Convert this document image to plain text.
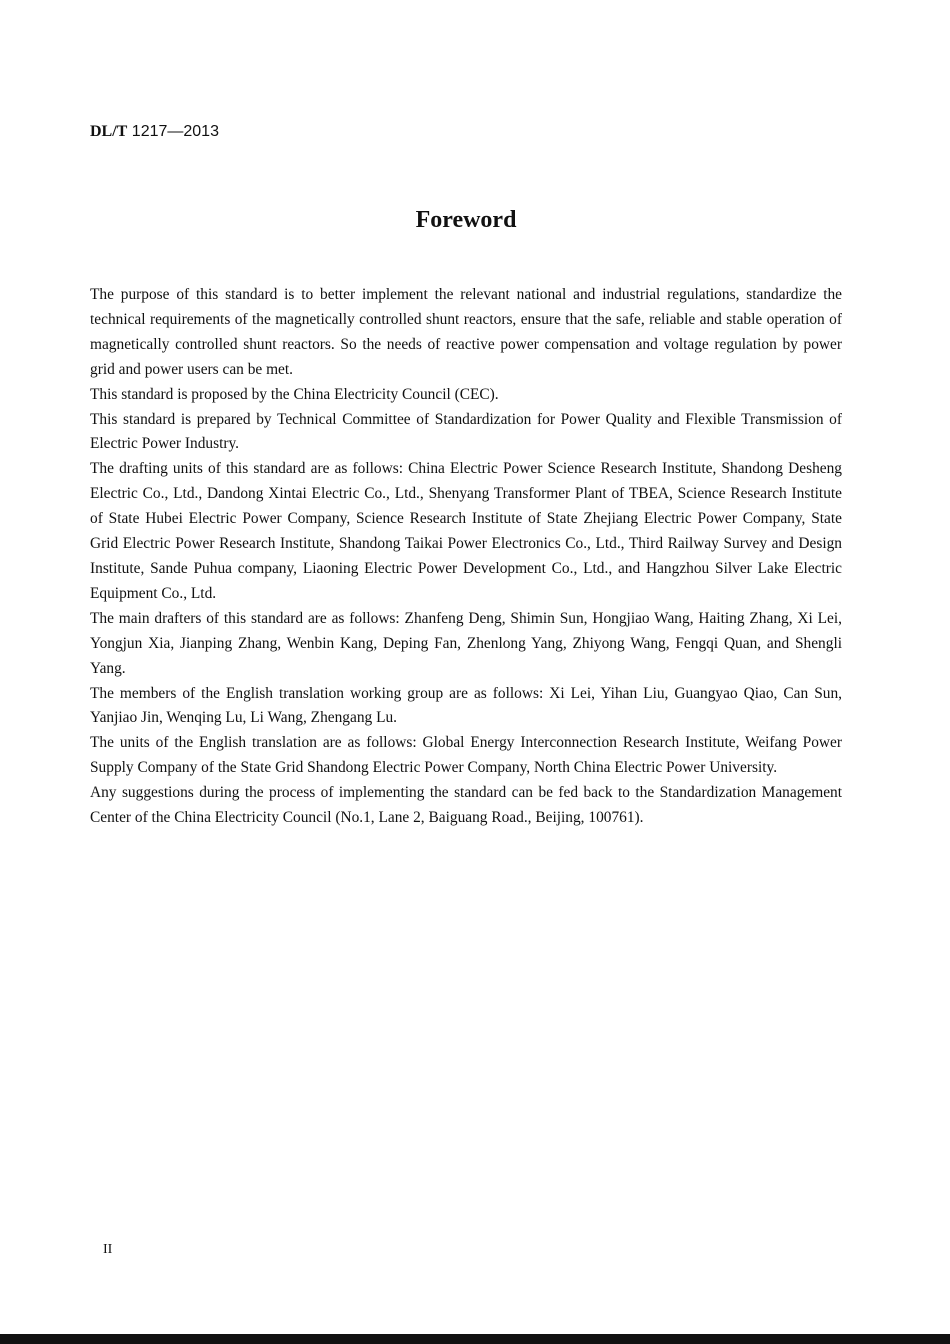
DL/T 1217—2013
Foreword

The purpose of this standard is to better implement the relevant national and industrial regulations, standardize the technical requirements of the magnetically controlled shunt reactors, ensure that the safe, reliable and stable operation of magnetically controlled shunt reactors. So the needs of reactive power compensation and voltage regulation by power grid and power users can be met.

This standard is proposed by the China Electricity Council (CEC).

This standard is prepared by Technical Committee of Standardization for Power Quality and Flexible Transmission of Electric Power Industry.

The drafting units of this standard are as follows: China Electric Power Science Research Institute, Shandong Desheng Electric Co., Ltd., Dandong Xintai Electric Co., Ltd., Shenyang Transformer Plant of TBEA, Science Research Institute of State Hubei Electric Power Company, Science Research Institute of State Zhejiang Electric Power Company, State Grid Electric Power Research Institute, Shandong Taikai Power Electronics Co., Ltd., Third Railway Survey and Design Institute, Sande Puhua company, Liaoning Electric Power Development Co., Ltd., and Hangzhou Silver Lake Electric Equipment Co., Ltd.

The main drafters of this standard are as follows: Zhanfeng Deng, Shimin Sun, Hongjiao Wang, Haiting Zhang, Xi Lei, Yongjun Xia, Jianping Zhang, Wenbin Kang, Deping Fan, Zhenlong Yang, Zhiyong Wang, Fengqi Quan, and Shengli Yang.

The members of the English translation working group are as follows: Xi Lei, Yihan Liu, Guangyao Qiao, Can Sun, Yanjiao Jin, Wenqing Lu, Li Wang, Zhengang Lu.

The units of the English translation are as follows: Global Energy Interconnection Research Institute, Weifang Power Supply Company of the State Grid Shandong Electric Power Company, North China Electric Power University.

Any suggestions during the process of implementing the standard can be fed back to the Standardization Management Center of the China Electricity Council (No.1, Lane 2, Baiguang Road., Beijing, 100761).

II
